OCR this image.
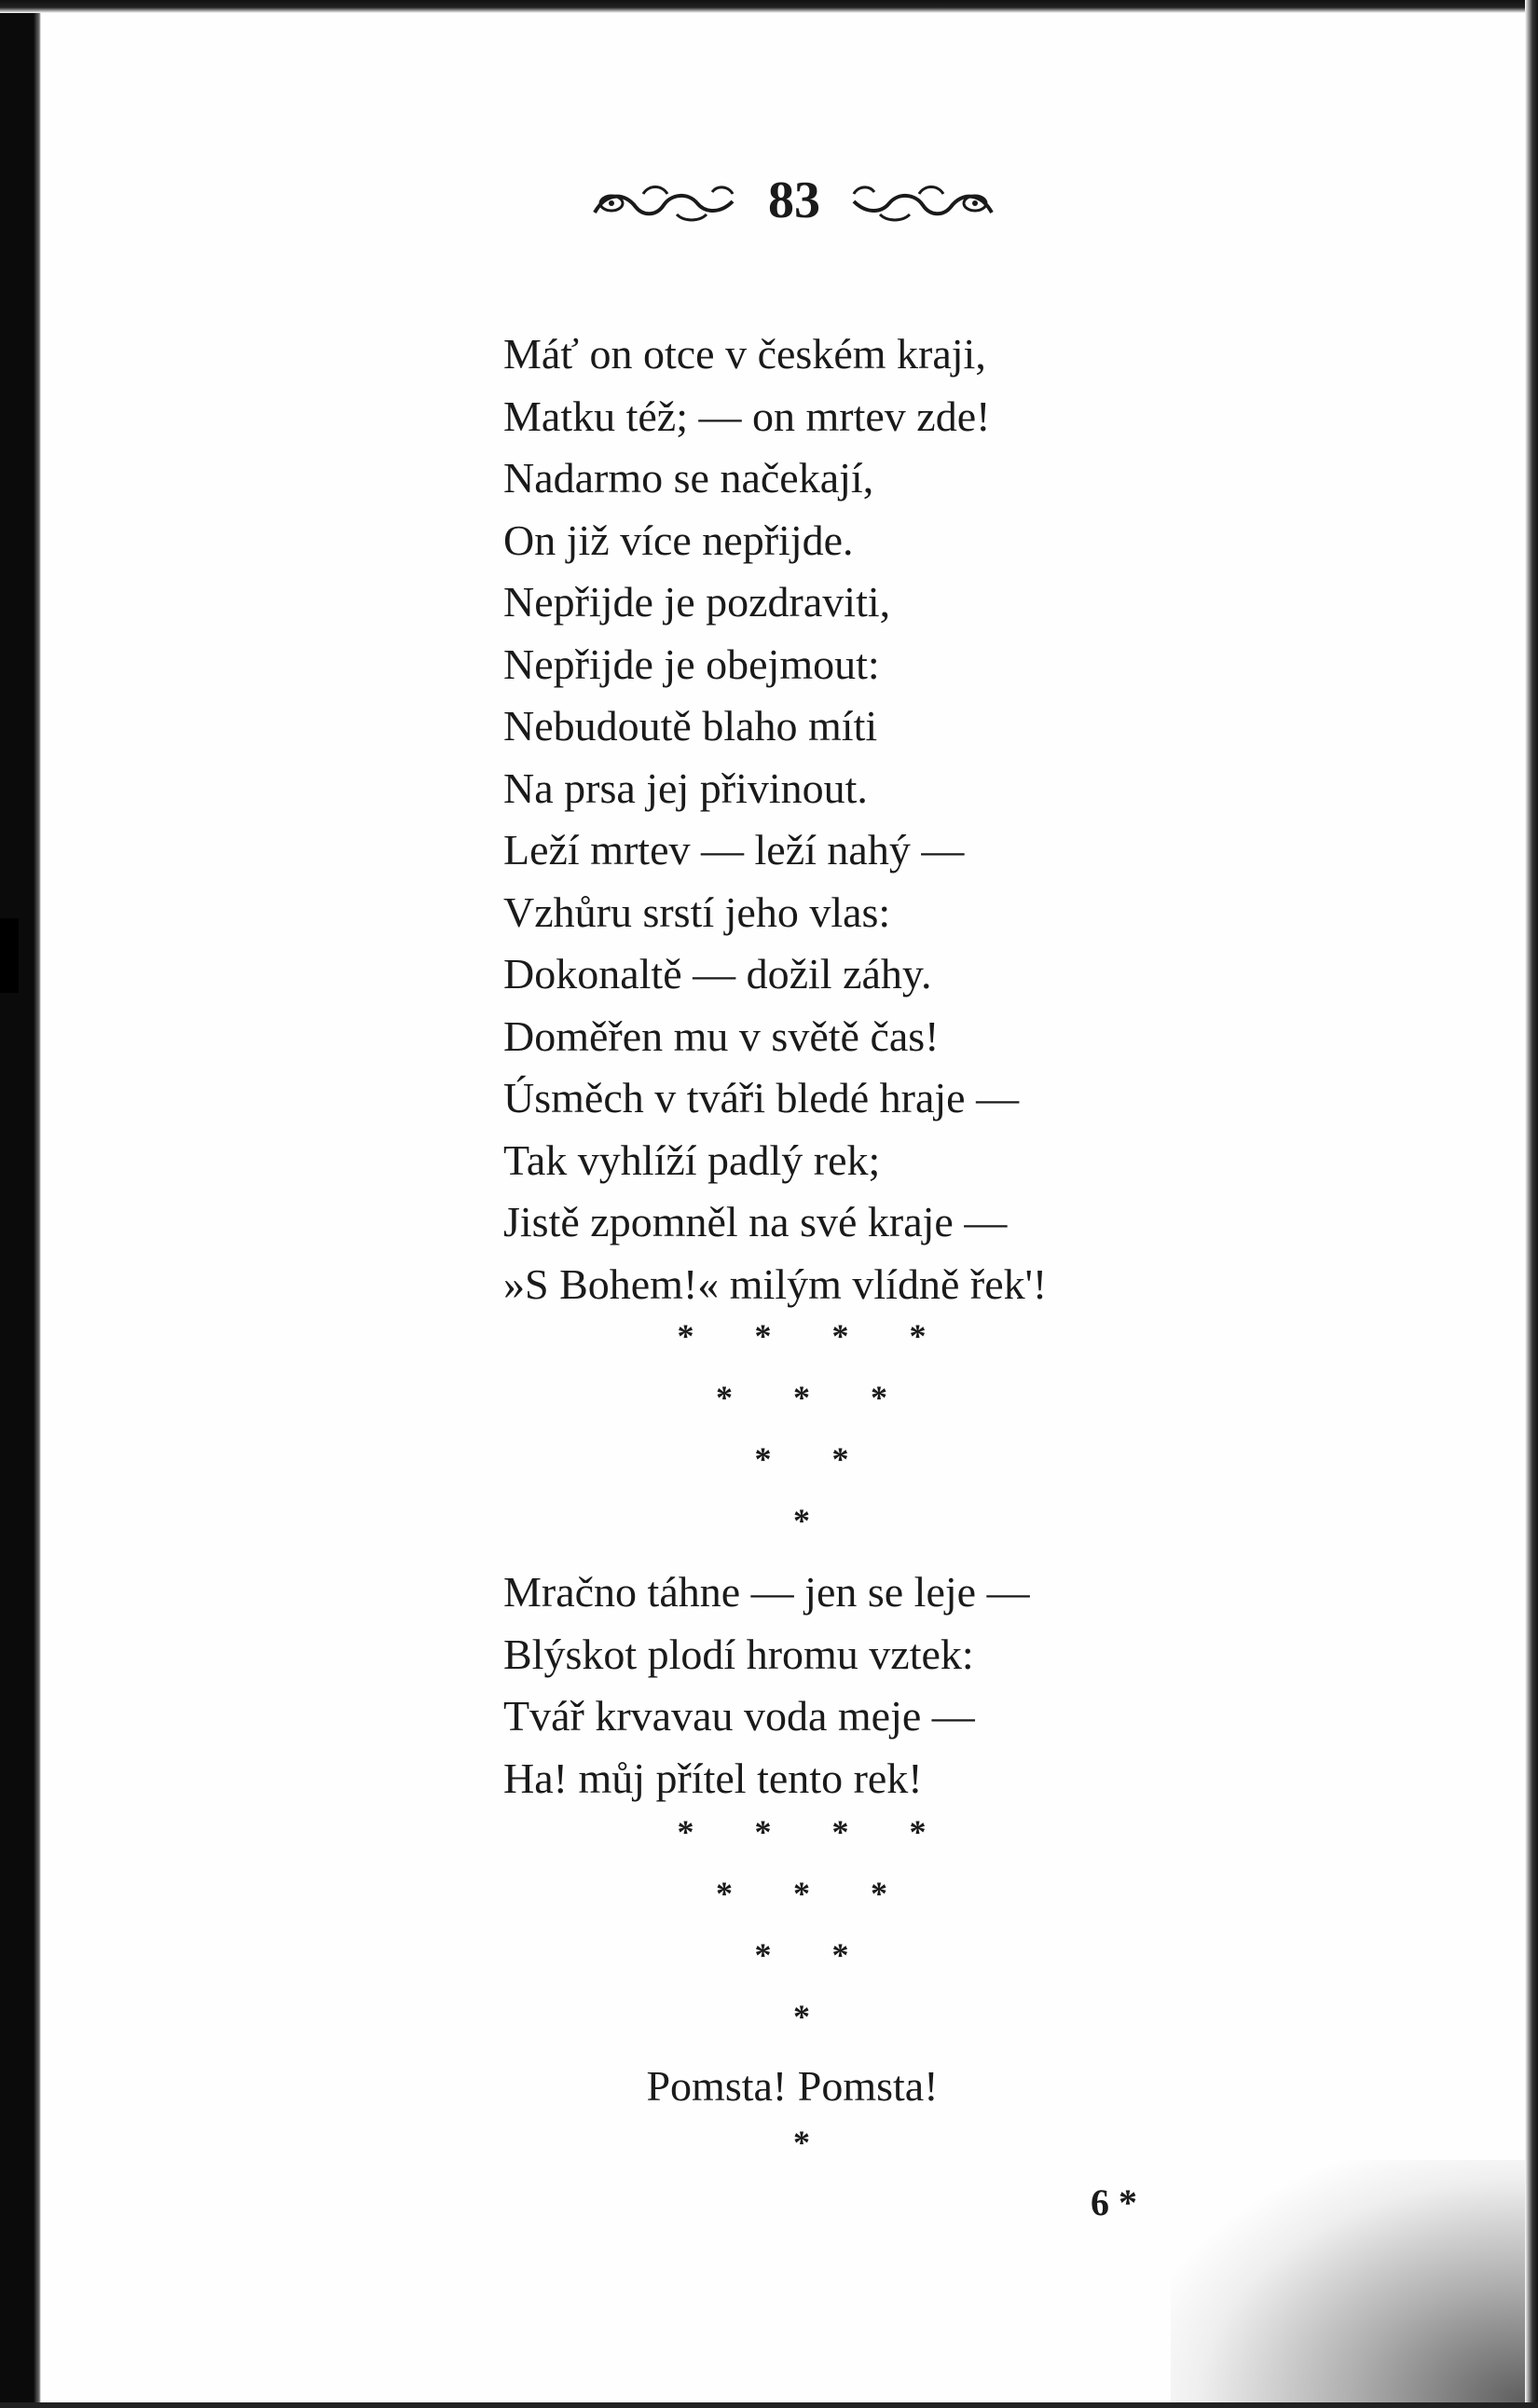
83
Máť on otce v českém kraji,
Matku též; — on mrtev zde!
Nadarmo se načekají,
On již více nepřijde.
Nepřijde je pozdraviti,
Nepřijde je obejmout:
Nebudoutě blaho míti
Na prsa jej přivinout.
Leží mrtev — leží nahý —
Vzhůru srstí jeho vlas:
Dokonaltě — dožil záhy.
Doměřen mu v světě čas!
Úsměch v tváři bledé hraje —
Tak vyhlíží padlý rek;
Jistě zpomněl na své kraje —
»S Bohem!« milým vlídně řek'!
* * * *
* * *
* *
*
Mračno táhne — jen se leje —
Blýskot plodí hromu vztek:
Tvář krvavau voda meje —
Ha! můj přítel tento rek!
* * * *
* * *
* *
*
Pomsta! Pomsta!
*
6 *
